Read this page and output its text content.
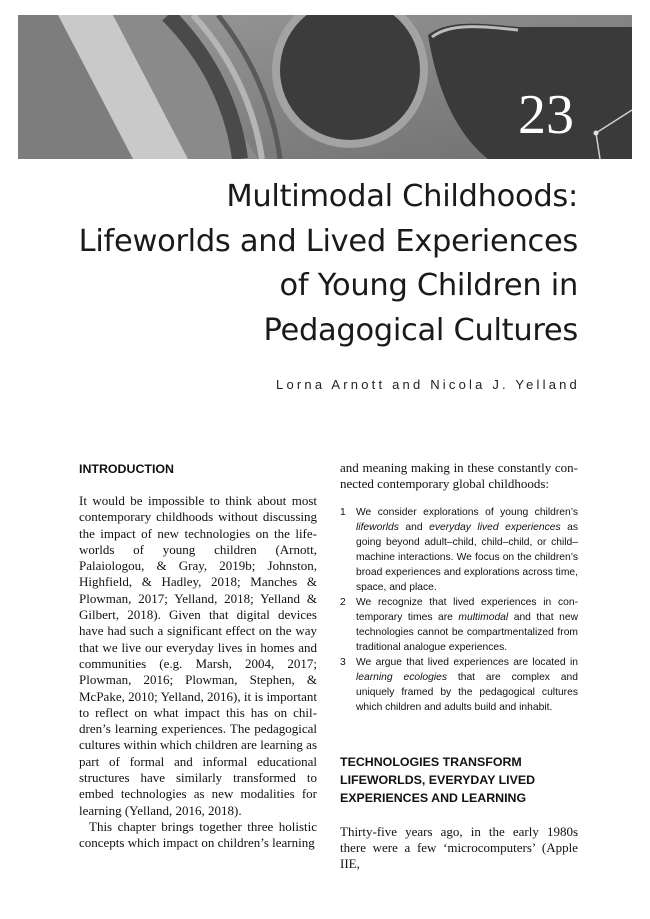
23
Multimodal Childhoods:
Lifeworlds and Lived Experiences
of Young Children in
Pedagogical Cultures
Lorna Arnott and Nicola J. Yelland
INTRODUCTION

It would be impossible to think about most contemporary childhoods without discussing the impact of new technologies on the lifeworlds of young children (Arnott, Palaiologou, & Gray, 2019b; Johnston, Highfield, & Hadley, 2018; Manches & Plowman, 2017; Yelland, 2018; Yelland & Gilbert, 2018). Given that digital devices have had such a significant effect on the way that we live our everyday lives in homes and communities (e.g. Marsh, 2004, 2017; Plowman, 2016; Plowman, Stephen, & McPake, 2010; Yelland, 2016), it is important to reflect on what impact this has on children’s learning experiences. The pedagogical cultures within which children are learning as part of formal and informal educational structures have similarly transformed to embed technologies as new modalities for learning (Yelland, 2016, 2018).

This chapter brings together three holistic concepts which impact on children’s learning

and meaning making in these constantly connected contemporary global childhoods:

1 We consider explorations of young children’s lifeworlds and everyday lived experiences as going beyond adult–child, child–child, or child–machine interactions. We focus on the children’s broad experiences and explorations across time, space, and place.
2 We recognize that lived experiences in contemporary times are multimodal and that new technologies cannot be compartmentalized from traditional analogue experiences.
3 We argue that lived experiences are located in learning ecologies that are complex and uniquely framed by the pedagogical cultures which children and adults build and inhabit.
TECHNOLOGIES TRANSFORM LIFEWORLDS, EVERYDAY LIVED EXPERIENCES AND LEARNING

Thirty-five years ago, in the early 1980s there were a few ‘microcomputers’ (Apple IIE,
